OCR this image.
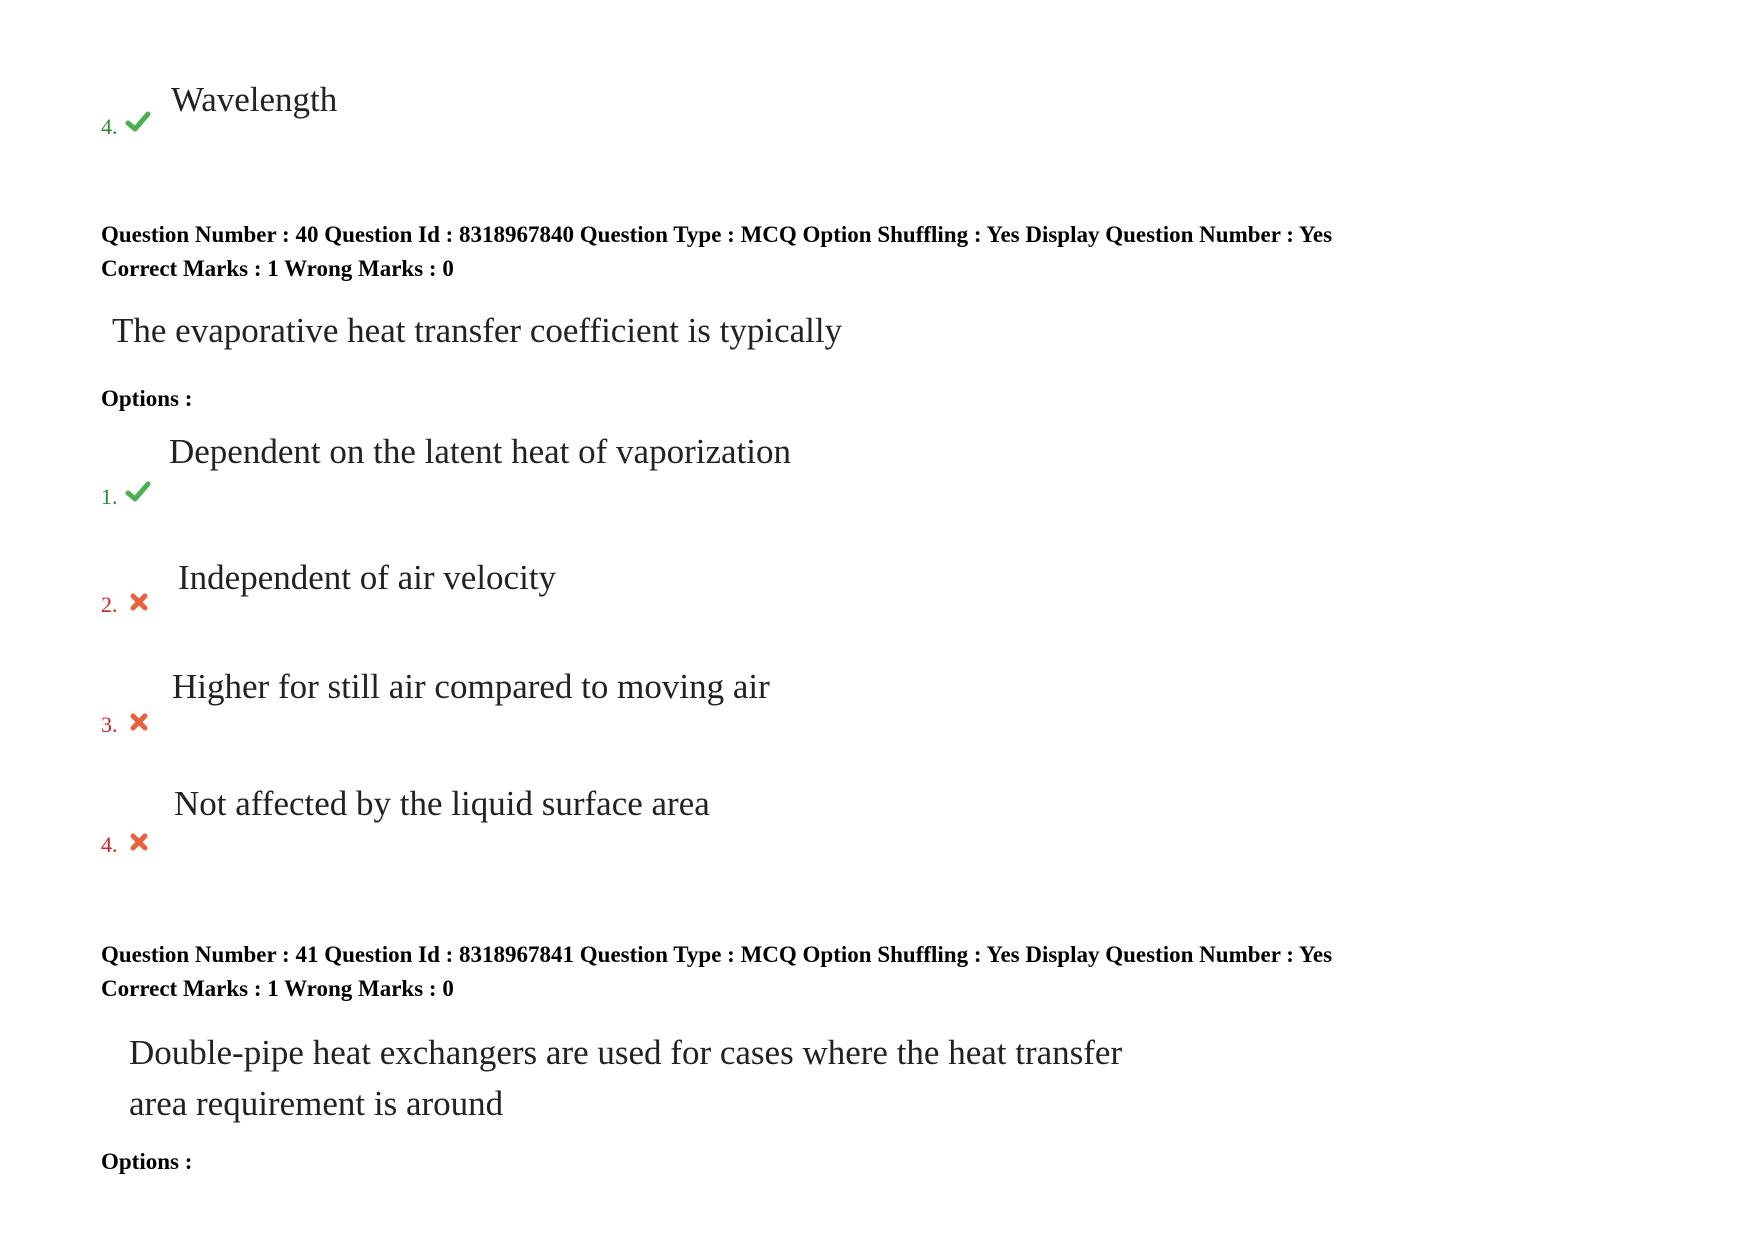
4.
Wavelength
Question Number : 40 Question Id : 8318967840 Question Type : MCQ Option Shuffling : Yes Display Question Number : Yes
Correct Marks : 1 Wrong Marks : 0
The evaporative heat transfer coefficient is typically
Options :
1.
Dependent on the latent heat of vaporization
2.
Independent of air velocity
3.
Higher for still air compared to moving air
4.
Not affected by the liquid surface area
Question Number : 41 Question Id : 8318967841 Question Type : MCQ Option Shuffling : Yes Display Question Number : Yes
Correct Marks : 1 Wrong Marks : 0
Double-pipe heat exchangers are used for cases where the heat transfer
area requirement is around
Options :
